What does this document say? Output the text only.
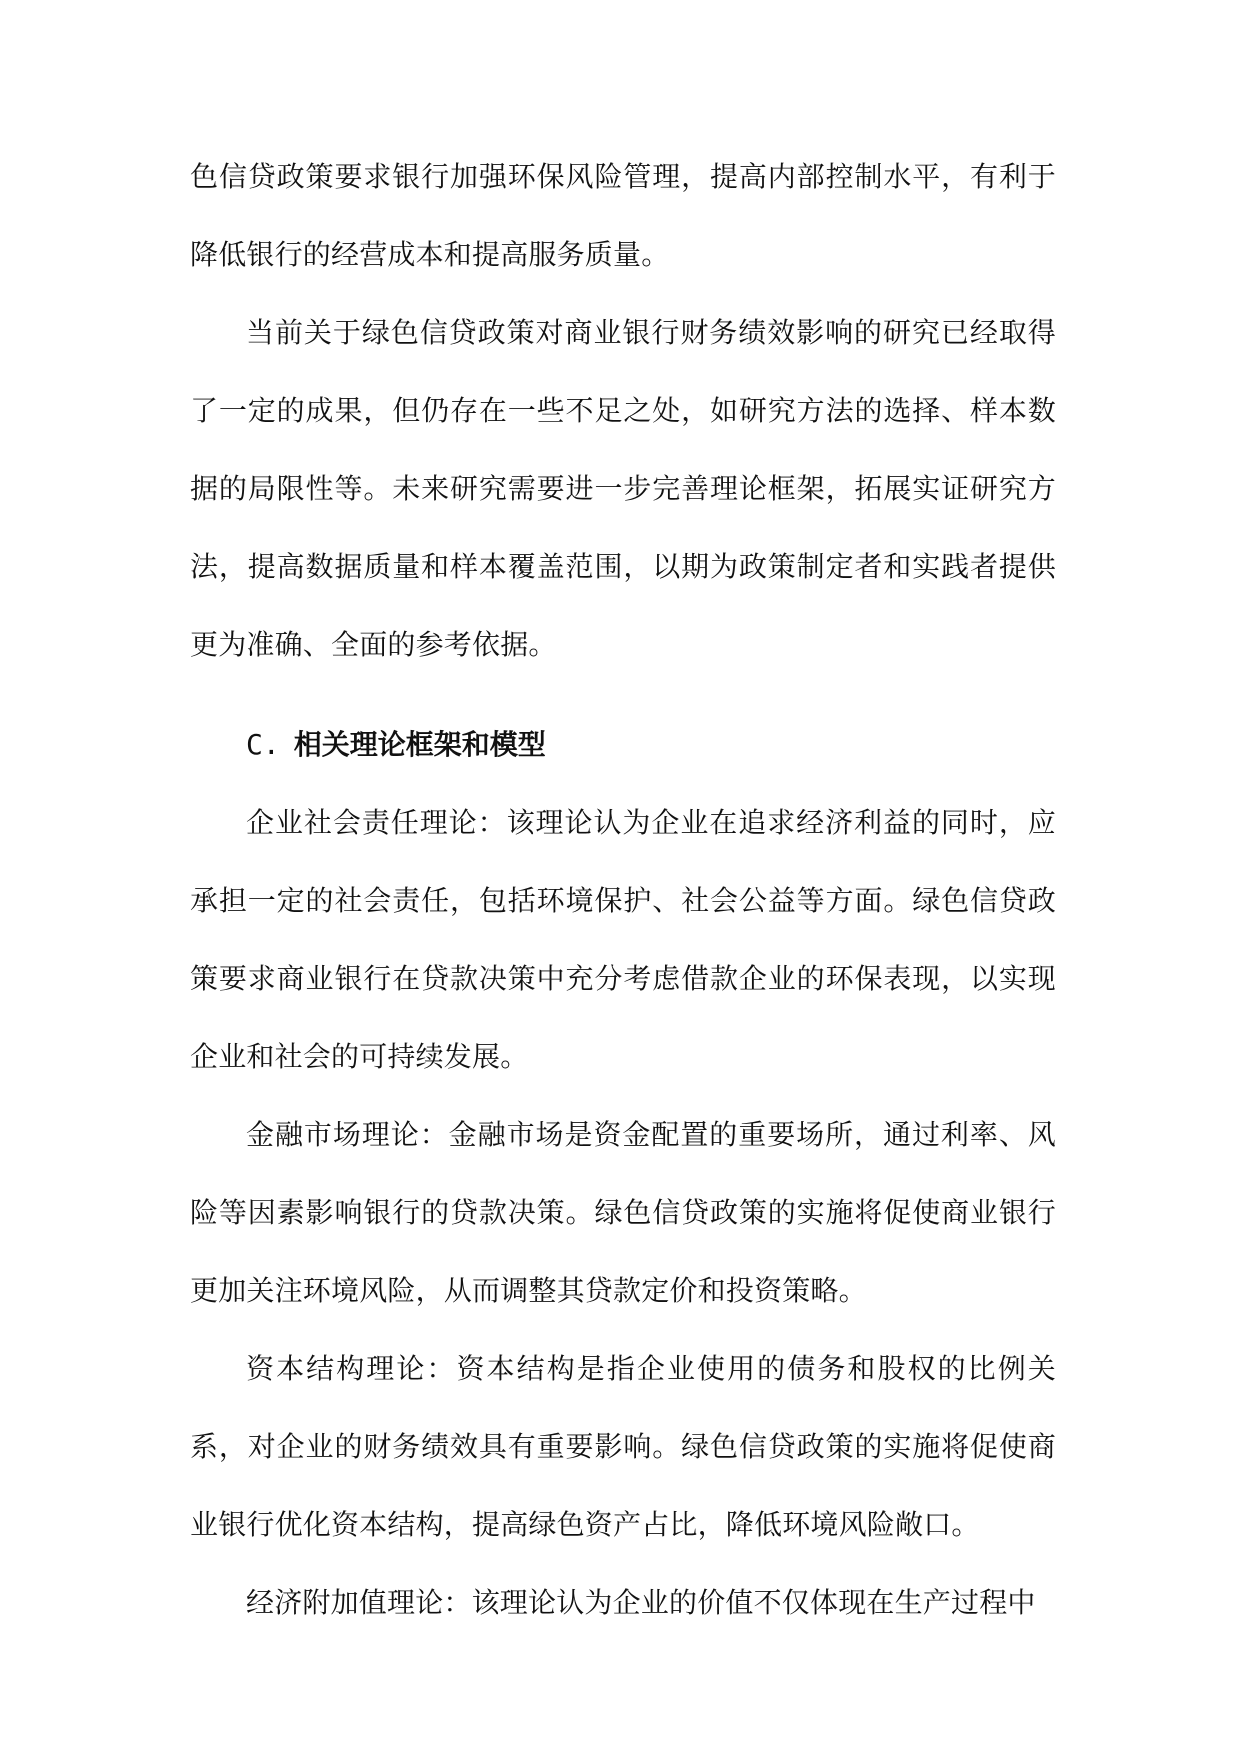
色信贷政策要求银行加强环保风险管理，提高内部控制水平，有利于降低银行的经营成本和提高服务质量。

当前关于绿色信贷政策对商业银行财务绩效影响的研究已经取得了一定的成果，但仍存在一些不足之处，如研究方法的选择、样本数据的局限性等。未来研究需要进一步完善理论框架，拓展实证研究方法，提高数据质量和样本覆盖范围，以期为政策制定者和实践者提供更为准确、全面的参考依据。

C. 相关理论框架和模型

企业社会责任理论：该理论认为企业在追求经济利益的同时，应承担一定的社会责任，包括环境保护、社会公益等方面。绿色信贷政策要求商业银行在贷款决策中充分考虑借款企业的环保表现，以实现企业和社会的可持续发展。

金融市场理论：金融市场是资金配置的重要场所，通过利率、风险等因素影响银行的贷款决策。绿色信贷政策的实施将促使商业银行更加关注环境风险，从而调整其贷款定价和投资策略。

资本结构理论：资本结构是指企业使用的债务和股权的比例关系，对企业的财务绩效具有重要影响。绿色信贷政策的实施将促使商业银行优化资本结构，提高绿色资产占比，降低环境风险敞口。

经济附加值理论：该理论认为企业的价值不仅体现在生产过程中
